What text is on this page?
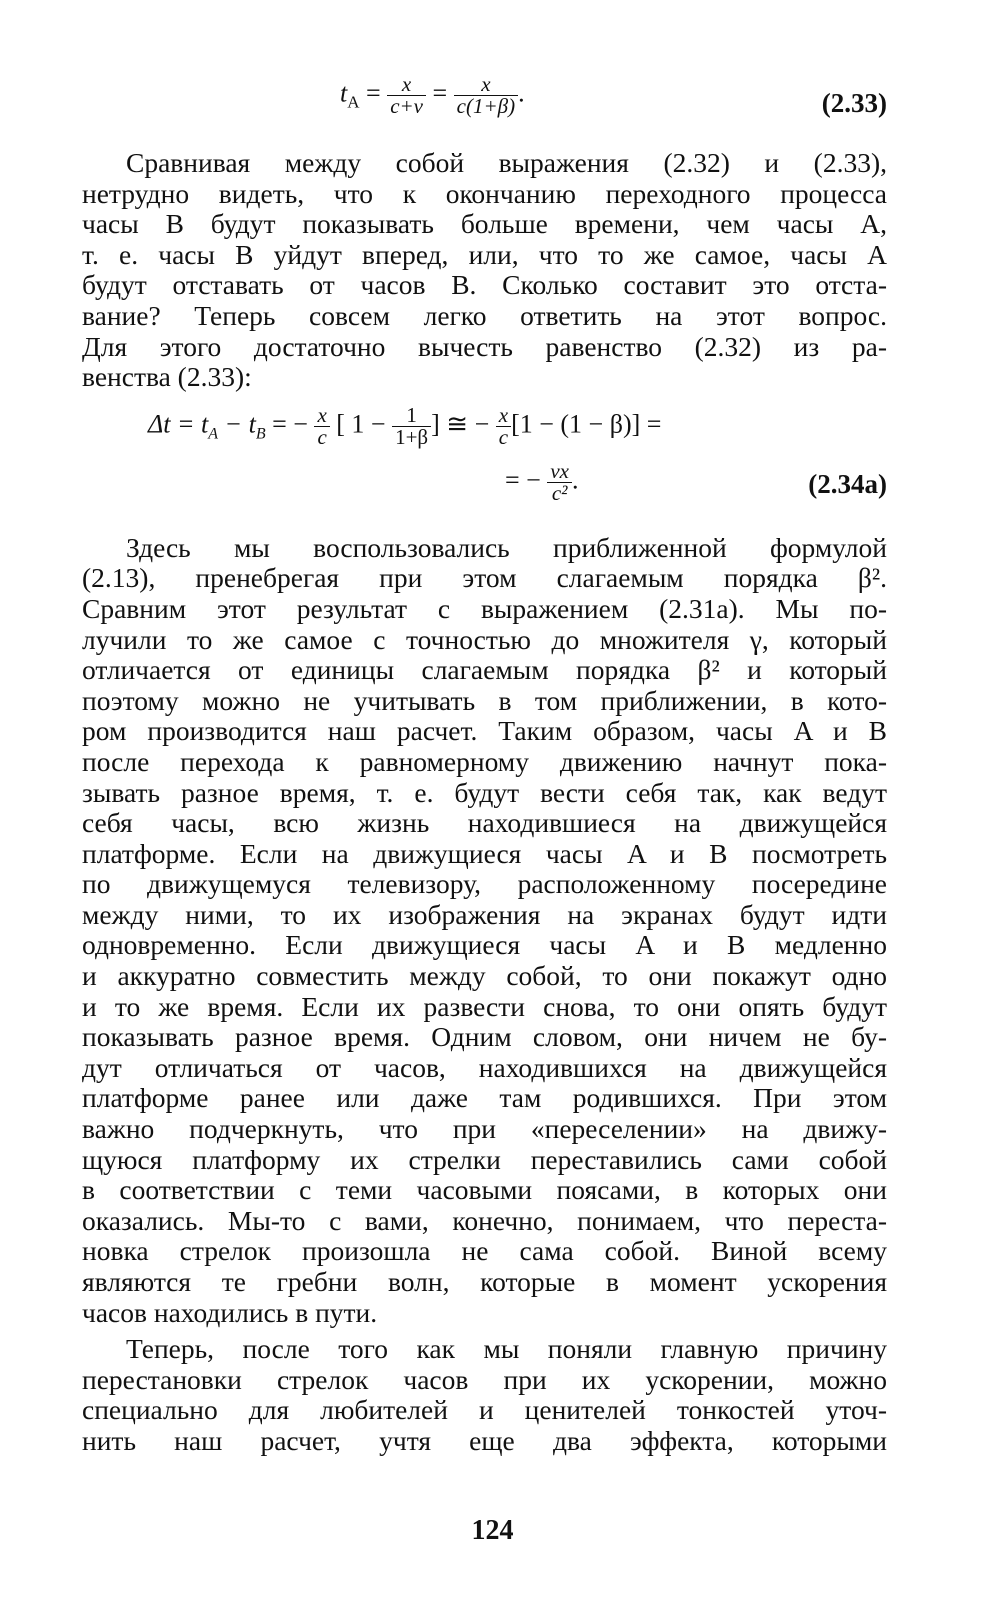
$t_A = \frac{x}{c+v} = \frac{x}{c(1+\beta)}$ .	(2.33)
Сравнивая между собой выражения (2.32) и (2.33),
нетрудно видеть, что к окончанию переходного процесса
часы B будут показывать больше времени, чем часы A,
т. е. часы B уйдут вперед, или, что то же самое, часы A
будут отставать от часов B. Сколько составит это отста-
вание? Теперь совсем легко ответить на этот вопрос.
Для этого достаточно вычесть равенство (2.32) из ра-
венства (2.33):
$\Delta t = t_A - t_B$ = − $\frac{x}{c}$ [ $1 - \frac{1}{1+\beta}$ ] ≅ − $\frac{x}{c} [1 - (1 - \beta)]$ =
= − $\frac{vx}{\text{c²}}$ .	(2.34a)
Здесь мы воспользовались приближенной формулой
(2.13), пренебрегая при этом слагаемым порядка β².
Сравним этот результат с выражением (2.31а). Мы по-
лучили то же самое с точностью до множителя γ, который
отличается от единицы слагаемым порядка β² и который
поэтому можно не учитывать в том приближении, в кото-
ром производится наш расчет. Таким образом, часы A и B
после перехода к равномерному движению начнут пока-
зывать разное время, т. е. будут вести себя так, как ведут
себя часы, всю жизнь находившиеся на движущейся
платформе. Если на движущиеся часы A и B посмотреть
по движущемуся телевизору, расположенному посередине
между ними, то их изображения на экранах будут идти
одновременно. Если движущиеся часы A и B медленно
и аккуратно совместить между собой, то они покажут одно
и то же время. Если их развести снова, то они опять будут
показывать разное время. Одним словом, они ничем не бу-
дут отличаться от часов, находившихся на движущейся
платформе ранее или даже там родившихся. При этом
важно подчеркнуть, что при «переселении» на движу-
щуюся платформу их стрелки переставились сами собой
в соответствии с теми часовыми поясами, в которых они
оказались. Мы-то с вами, конечно, понимаем, что переста-
новка стрелок произошла не сама собой. Виной всему
являются те гребни волн, которые в момент ускорения
часов находились в пути.
Теперь, после того как мы поняли главную причину
перестановки стрелок часов при их ускорении, можно
специально для любителей и ценителей тонкостей уточ-
нить наш расчет, учтя еще два эффекта, которыми
124
